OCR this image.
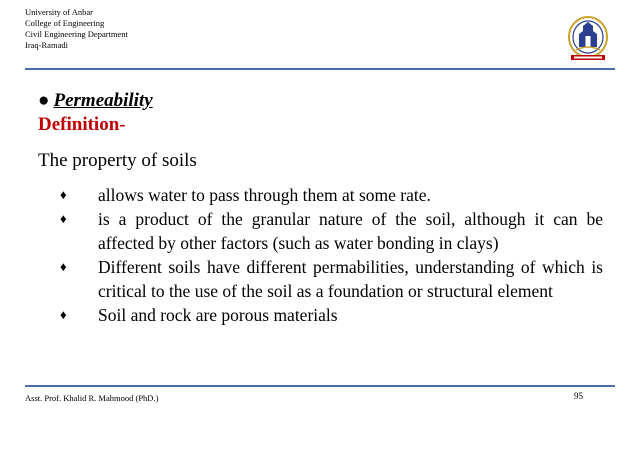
University of Anbar
College of Engineering
Civil Engineering Department
Iraq-Ramadi
● Permeability
Definition-
The property of soils
♦	allows water to pass through them at some rate.
♦	is a product of the granular nature of the soil, although it can be affected by other factors (such as water bonding in clays)
♦	Different soils have different permabilities, understanding of which is critical to the use of the soil as a foundation or structural element
♦	Soil and rock are porous materials
Asst. Prof. Khalid R. Mahmood (PhD.)	95
